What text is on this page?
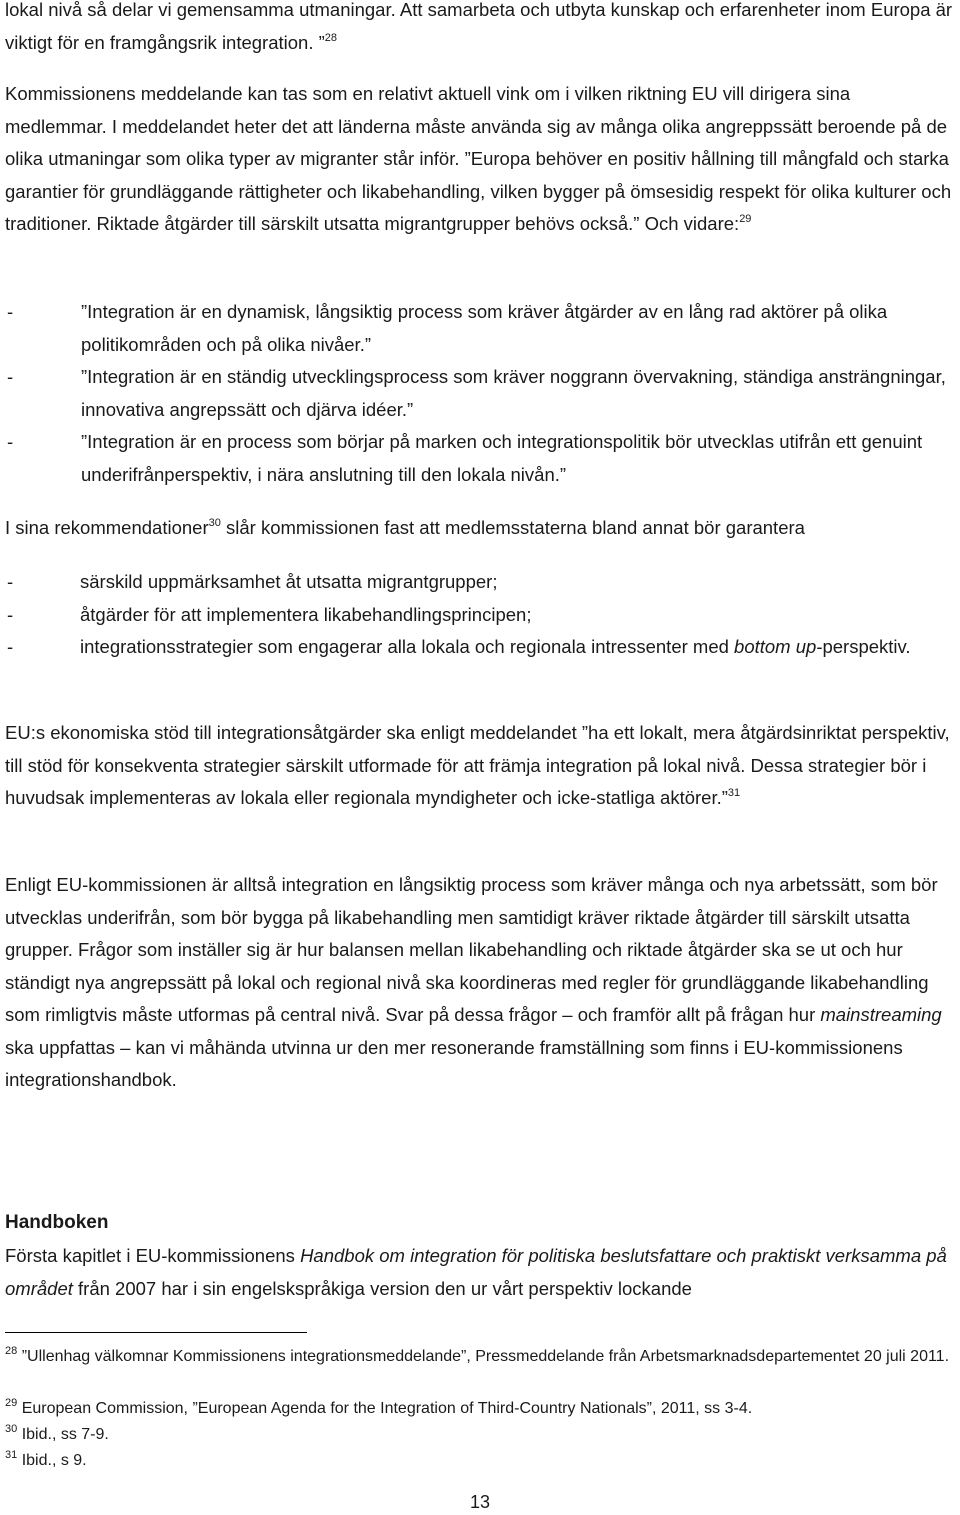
lokal nivå så delar vi gemensamma utmaningar. Att samarbeta och utbyta kunskap och erfarenheter inom Europa är viktigt för en framgångsrik integration. ”$^{28}$

Kommissionens meddelande kan tas som en relativt aktuell vink om i vilken riktning EU vill dirigera sina medlemmar. I meddelandet heter det att länderna måste använda sig av många olika angreppssätt beroende på de olika utmaningar som olika typer av migranter står inför. ”Europa behöver en positiv hållning till mångfald och starka garantier för grundläggande rättigheter och likabehandling, vilken bygger på ömsesidig respekt för olika kulturer och traditioner. Riktade åtgärder till särskilt utsatta migrantgrupper behövs också.” Och vidare:$^{29}$

-	”Integration är en dynamisk, långsiktig process som kräver åtgärder av en lång rad aktörer på olika politikområden och på olika nivåer.”
-	”Integration är en ständig utvecklingsprocess som kräver noggrann övervakning, ständiga ansträngningar, innovativa angrepssätt och djärva idéer.”
-	”Integration är en process som börjar på marken och integrationspolitik bör utvecklas utifrån ett genuint underifrånperspektiv, i nära anslutning till den lokala nivån.”

I sina rekommendationer$^{30}$ slår kommissionen fast att medlemsstaterna bland annat bör garantera

-	särskild uppmärksamhet åt utsatta migrantgrupper;
-	åtgärder för att implementera likabehandlingsprincipen;
-	integrationsstrategier som engagerar alla lokala och regionala intressenter med bottom up-perspektiv.

EU:s ekonomiska stöd till integrationsåtgärder ska enligt meddelandet ”ha ett lokalt, mera åtgärdsinriktat perspektiv, till stöd för konsekventa strategier särskilt utformade för att främja integration på lokal nivå. Dessa strategier bör i huvudsak implementeras av lokala eller regionala myndigheter och icke-statliga aktörer.”$^{31}$

Enligt EU-kommissionen är alltså integration en långsiktig process som kräver många och nya arbetssätt, som bör utvecklas underifrån, som bör bygga på likabehandling men samtidigt kräver riktade åtgärder till särskilt utsatta grupper. Frågor som inställer sig är hur balansen mellan likabehandling och riktade åtgärder ska se ut och hur ständigt nya angrepssätt på lokal och regional nivå ska koordineras med regler för grundläggande likabehandling som rimligtvis måste utformas på central nivå. Svar på dessa frågor – och framför allt på frågan hur mainstreaming ska uppfattas – kan vi måhända utvinna ur den mer resonerande framställning som finns i EU-kommissionens integrationshandbok.

Handboken

Första kapitlet i EU-kommissionens Handbok om integration för politiska beslutsfattare och praktiskt verksamma på området från 2007 har i sin engelskspråkiga version den ur vårt perspektiv lockande

$^{28}$ ”Ullenhag välkomnar Kommissionens integrationsmeddelande”, Pressmeddelande från Arbetsmarknadsdepartementet 20 juli 2011.

$^{29}$ European Commission, ”European Agenda for the Integration of Third-Country Nationals”, 2011, ss 3-4.

$^{30}$ Ibid., ss 7-9.

$^{31}$ Ibid., s 9.

13
